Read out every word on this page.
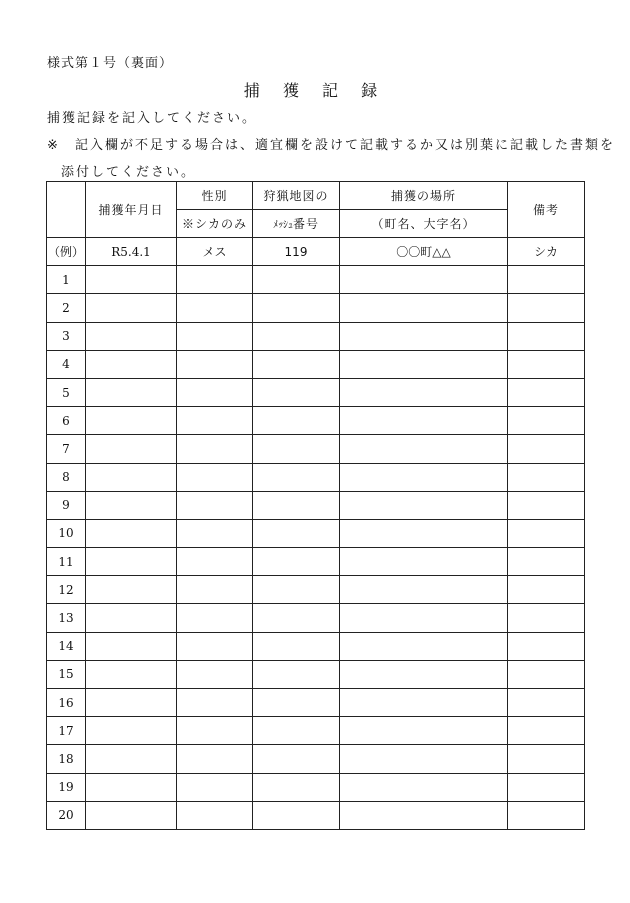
様式第１号（裏面）
捕 獲 記 録
捕獲記録を記入してください。
※ 記入欄が不足する場合は、適宜欄を設けて記載するか又は別葉に記載した書類を
添付してください。
	捕獲年月日	性別	狩猟地図の	捕獲の場所	備考
		※シカのみ	ﾒｯｼｭ番号	（町名、大字名）	
（例）	R5.4.1	メス	119	〇〇町△△	シカ
1					
2					
3					
4					
5					
6					
7					
8					
9					
10					
11					
12					
13					
14					
15					
16					
17					
18					
19					
20					
